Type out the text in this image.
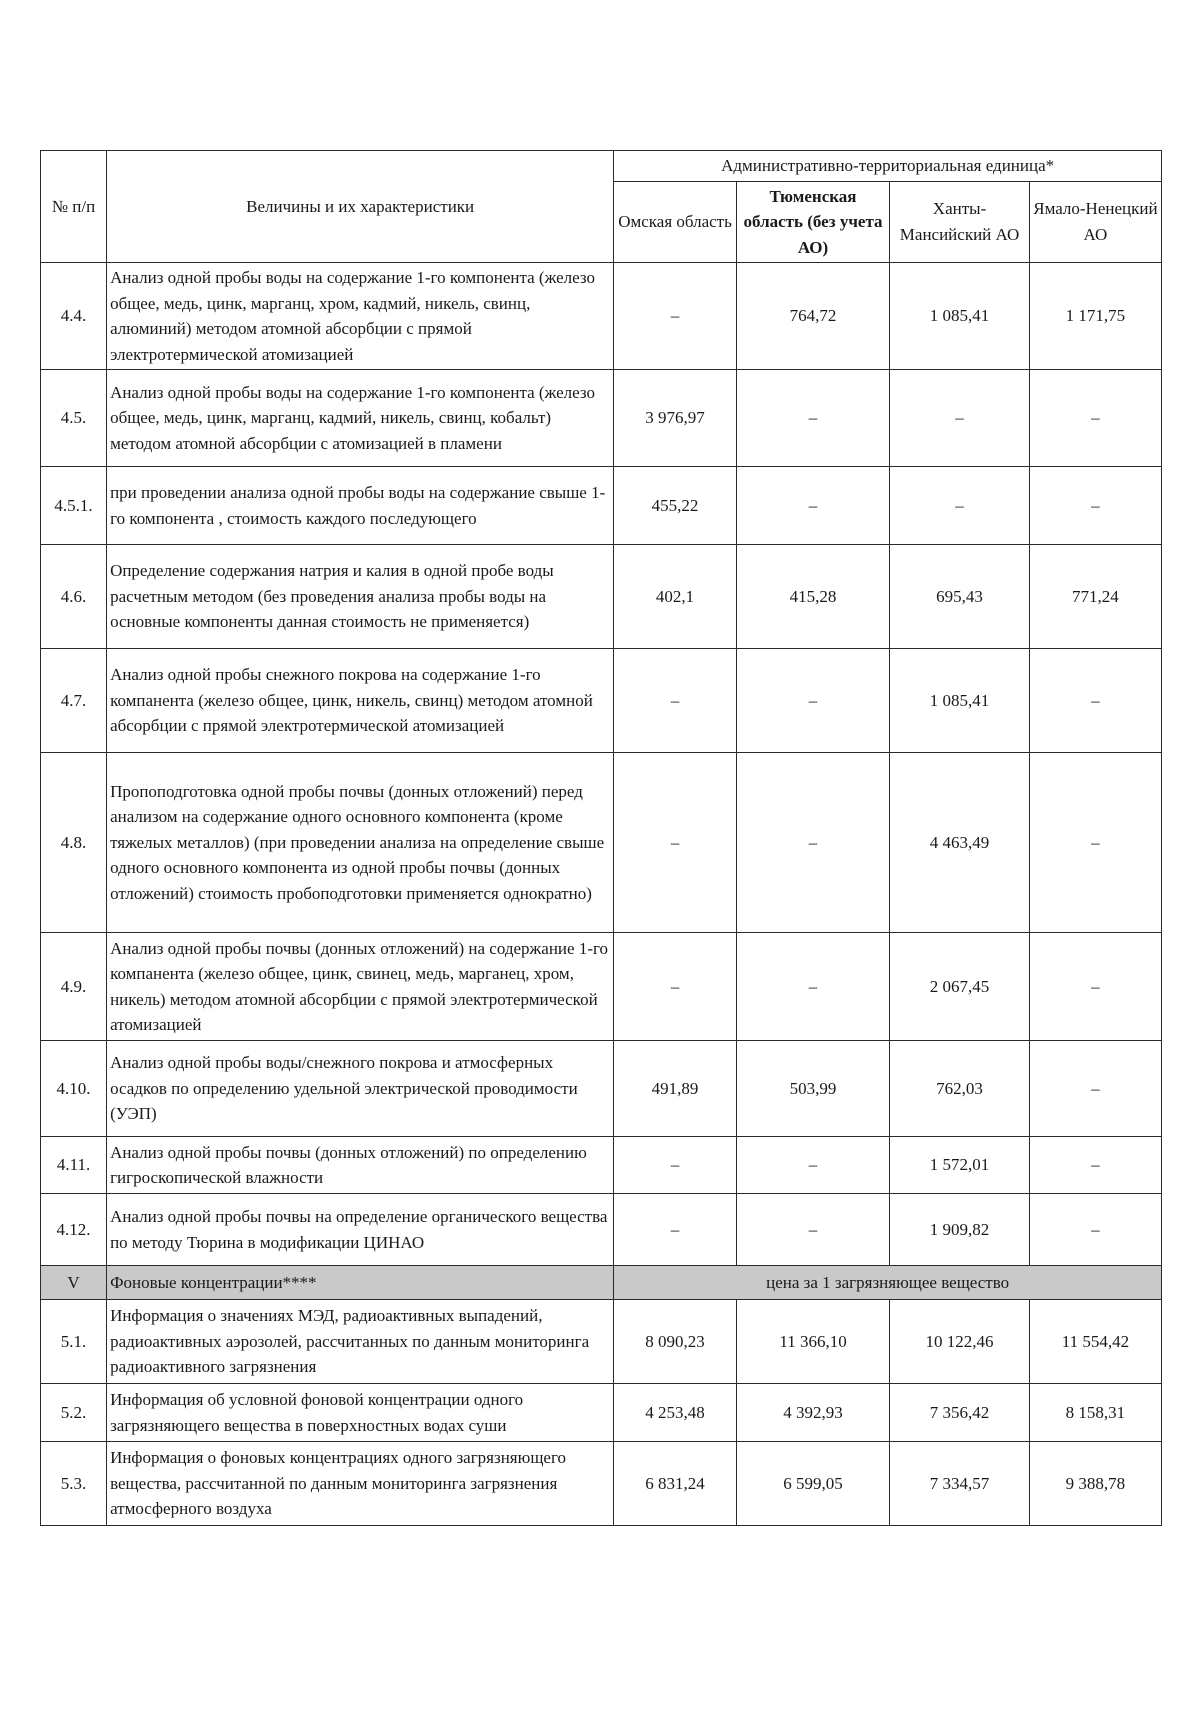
№ п/п	Величины и их характеристики	Административно-территориальная единица*			
		Омская область	Тюменская область (без учета АО)	Ханты-Мансийский АО	Ямало-Ненецкий АО
4.4.	Анализ одной пробы воды на содержание 1-го компонента (железо общее, медь, цинк, марганц, хром, кадмий, никель, свинц, алюминий) методом атомной абсорбции с прямой электротермической атомизацией	–	764,72	1 085,41	1 171,75
4.5.	Анализ одной пробы воды на содержание 1-го компонента (железо общее, медь, цинк, марганц, кадмий, никель, свинц, кобальт) методом атомной абсорбции с атомизацией в пламени	3 976,97	–	–	–
4.5.1.	при проведении анализа одной пробы воды на содержание свыше 1-го компонента , стоимость каждого последующего	455,22	–	–	–
4.6.	Определение содержания натрия и калия в одной пробе воды расчетным методом (без проведения анализа пробы воды на основные компоненты данная стоимость не применяется)	402,1	415,28	695,43	771,24
4.7.	Анализ одной пробы снежного покрова на содержание 1-го компанента (железо общее, цинк, никель, свинц) методом атомной абсорбции с прямой электротермической атомизацией	–	–	1 085,41	–
4.8.	Пропоподготовка одной пробы почвы (донных отложений) перед анализом на содержание одного основного компонента (кроме тяжелых металлов) (при проведении анализа на определение свыше одного основного компонента из одной пробы почвы (донных отложений) стоимость пробоподготовки применяется однократно)	–	–	4 463,49	–
4.9.	Анализ одной пробы почвы (донных отложений) на содержание 1-го компанента (железо общее, цинк, свинец, медь, марганец, хром, никель) методом атомной абсорбции с прямой электротермической атомизацией	–	–	2 067,45	–
4.10.	Анализ одной пробы воды/снежного покрова и атмосферных осадков по определению удельной электрической проводимости (УЭП)	491,89	503,99	762,03	–
4.11.	Анализ одной пробы почвы (донных отложений) по определению гигроскопической влажности	–	–	1 572,01	–
4.12.	Анализ одной пробы почвы на определение органического вещества по методу Тюрина в модификации ЦИНАО	–	–	1 909,82	–
V	Фоновые концентрации****	цена за 1 загрязняющее вещество			
5.1.	Информация о значениях МЭД, радиоактивных выпадений, радиоактивных аэрозолей, рассчитанных по данным мониторинга радиоактивного загрязнения	8 090,23	11 366,10	10 122,46	11 554,42
5.2.	Информация об условной фоновой концентрации одного загрязняющего вещества в поверхностных водах суши	4 253,48	4 392,93	7 356,42	8 158,31
5.3.	Информация о фоновых концентрациях одного загрязняющего вещества, рассчитанной по данным мониторинга загрязнения атмосферного воздуха	6 831,24	6 599,05	7 334,57	9 388,78
